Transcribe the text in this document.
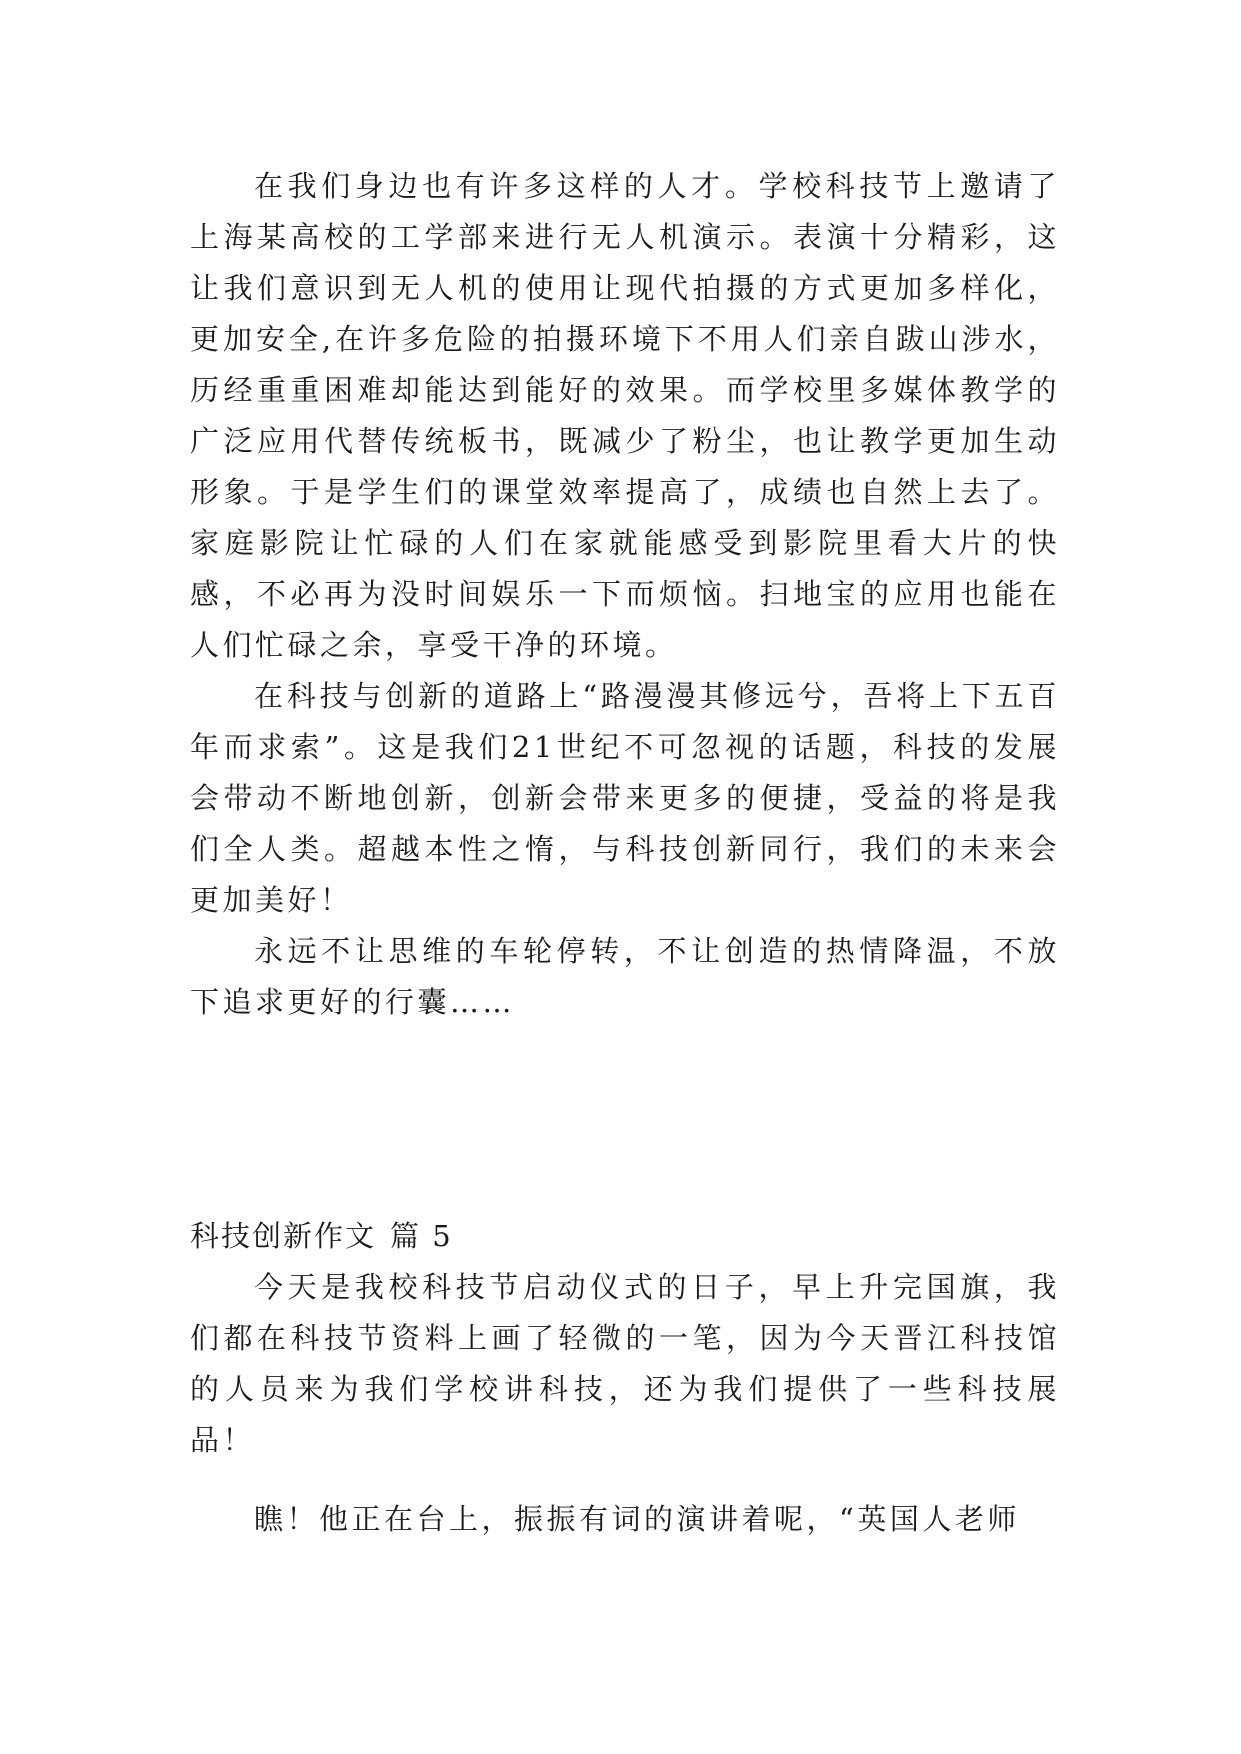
在我们身边也有许多这样的人才。学校科技节上邀请了上海某高校的工学部来进行无人机演示。表演十分精彩，这让我们意识到无人机的使用让现代拍摄的方式更加多样化，更加安全,在许多危险的拍摄环境下不用人们亲自跋山涉水，历经重重困难却能达到能好的效果。而学校里多媒体教学的广泛应用代替传统板书，既减少了粉尘，也让教学更加生动形象。于是学生们的课堂效率提高了，成绩也自然上去了。家庭影院让忙碌的人们在家就能感受到影院里看大片的快感，不必再为没时间娱乐一下而烦恼。扫地宝的应用也能在人们忙碌之余，享受干净的环境。

在科技与创新的道路上“路漫漫其修远兮，吾将上下五百年而求索”。这是我们21世纪不可忽视的话题，科技的发展会带动不断地创新，创新会带来更多的便捷，受益的将是我们全人类。超越本性之惰，与科技创新同行，我们的未来会更加美好！

永远不让思维的车轮停转，不让创造的热情降温，不放下追求更好的行囊……

科技创新作文 篇 5

今天是我校科技节启动仪式的日子，早上升完国旗，我们都在科技节资料上画了轻微的一笔，因为今天晋江科技馆的人员来为我们学校讲科技，还为我们提供了一些科技展品！

瞧！他正在台上，振振有词的演讲着呢，“英国人老师
